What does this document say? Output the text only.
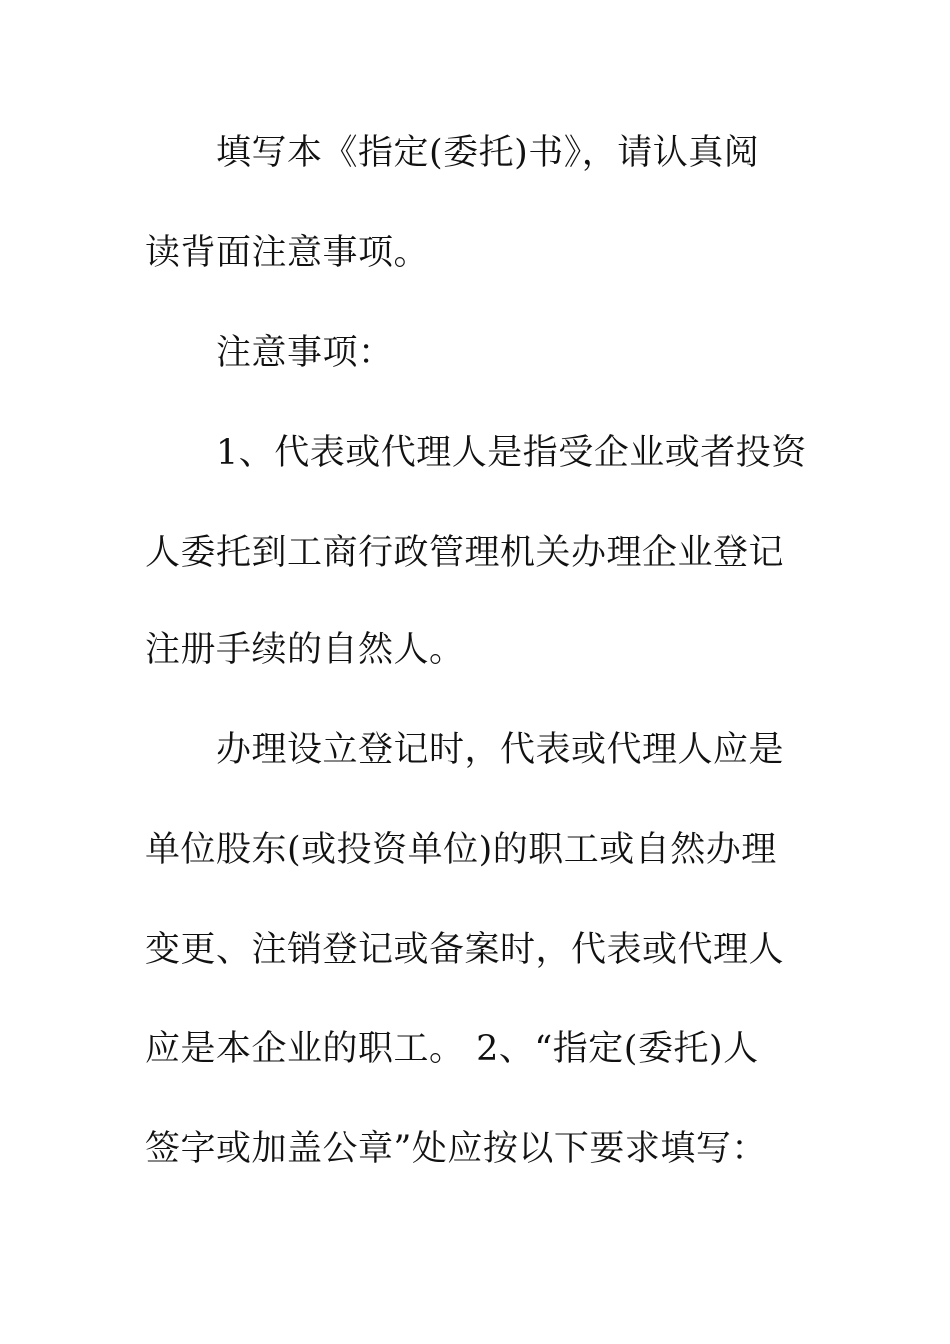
填写本《指定(委托)书》，请认真阅
读背面注意事项。
注意事项：
1、代表或代理人是指受企业或者投资
人委托到工商行政管理机关办理企业登记
注册手续的自然人。
办理设立登记时，代表或代理人应是
单位股东(或投资单位)的职工或自然办理
变更、注销登记或备案时，代表或代理人
应是本企业的职工。 2、“指定(委托)人
签字或加盖公章”处应按以下要求填写：
